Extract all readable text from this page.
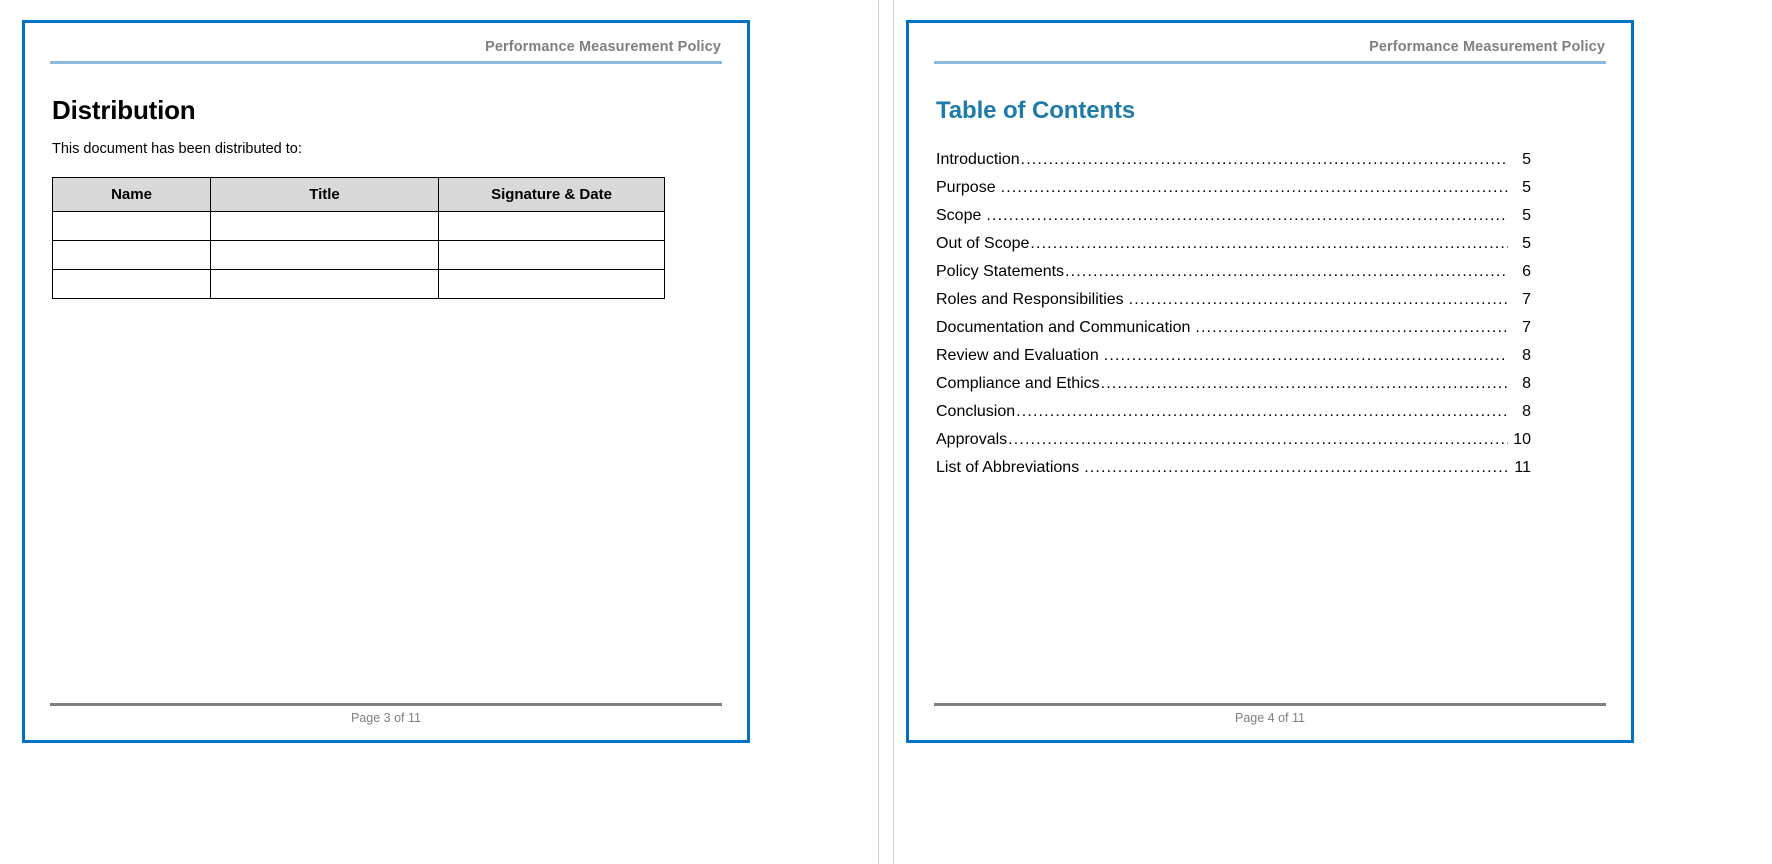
Performance Measurement Policy
Distribution

This document has been distributed to:

Name	Title	Signature & Date

Page 3 of 11
Performance Measurement Policy
Table of Contents
Introduction .....	5
Purpose .....	5
Scope .....	5
Out of Scope .....	5
Policy Statements .....	6
Roles and Responsibilities .....	7
Documentation and Communication .....	7
Review and Evaluation .....	8
Compliance and Ethics .....	8
Conclusion .....	8
Approvals .....	10
List of Abbreviations .....	11
Page 4 of 11
